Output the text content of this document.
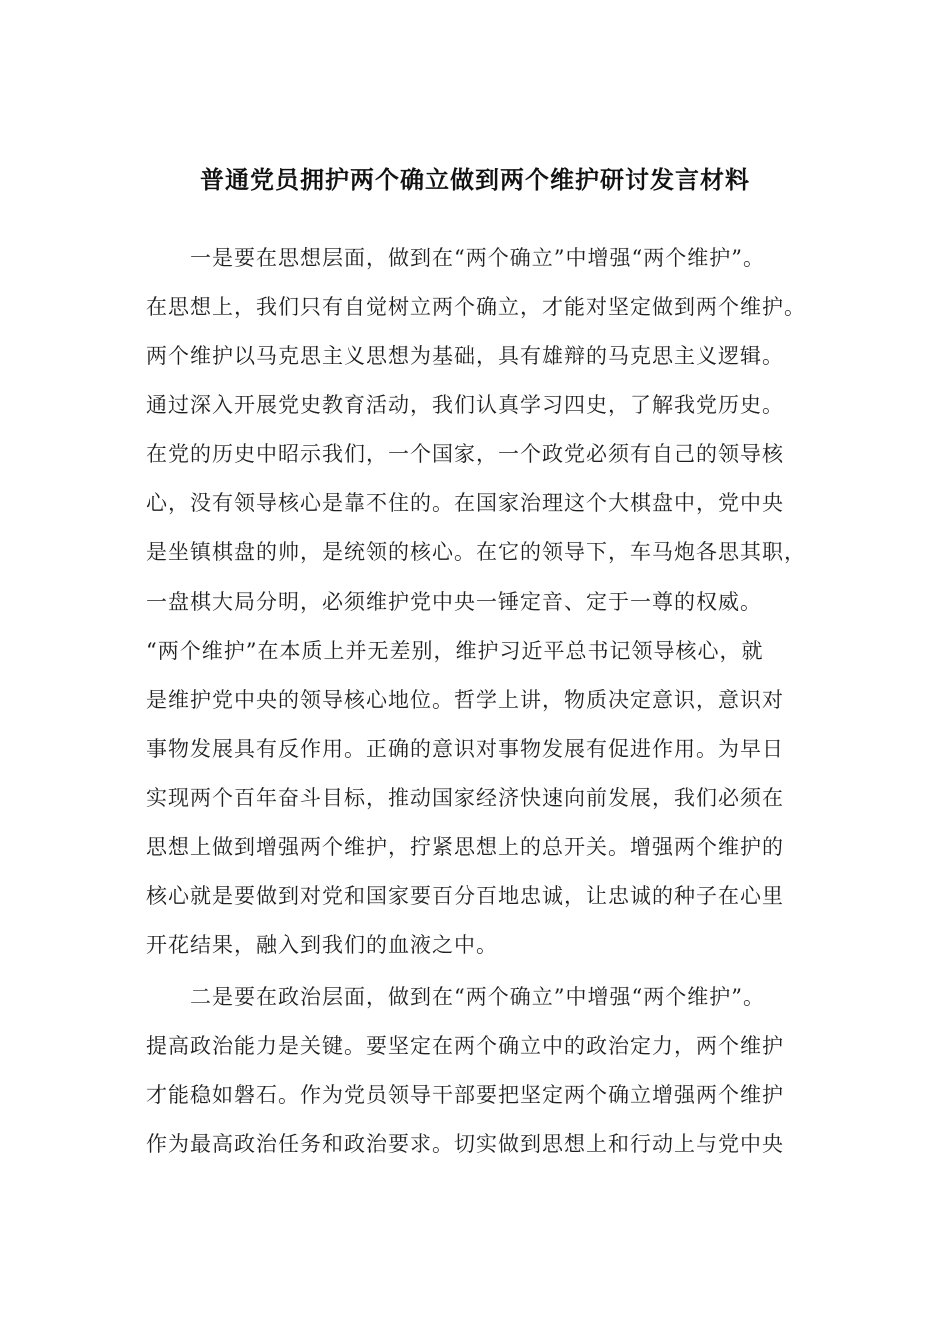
普通党员拥护两个确立做到两个维护研讨发言材料
　　一是要在思想层面，做到在“两个确立”中增强“两个维护”。
在思想上，我们只有自觉树立两个确立，才能对坚定做到两个维护。
两个维护以马克思主义思想为基础，具有雄辩的马克思主义逻辑。
通过深入开展党史教育活动，我们认真学习四史，了解我党历史。
在党的历史中昭示我们，一个国家，一个政党必须有自己的领导核
心，没有领导核心是靠不住的。在国家治理这个大棋盘中，党中央
是坐镇棋盘的帅，是统领的核心。在它的领导下，车马炮各思其职，
一盘棋大局分明，必须维护党中央一锤定音、定于一尊的权威。
“两个维护”在本质上并无差别，维护习近平总书记领导核心，就
是维护党中央的领导核心地位。哲学上讲，物质决定意识，意识对
事物发展具有反作用。正确的意识对事物发展有促进作用。为早日
实现两个百年奋斗目标，推动国家经济快速向前发展，我们必须在
思想上做到增强两个维护，拧紧思想上的总开关。增强两个维护的
核心就是要做到对党和国家要百分百地忠诚，让忠诚的种子在心里
开花结果，融入到我们的血液之中。
　　二是要在政治层面，做到在“两个确立”中增强“两个维护”。
提高政治能力是关键。要坚定在两个确立中的政治定力，两个维护
才能稳如磐石。作为党员领导干部要把坚定两个确立增强两个维护
作为最高政治任务和政治要求。切实做到思想上和行动上与党中央
